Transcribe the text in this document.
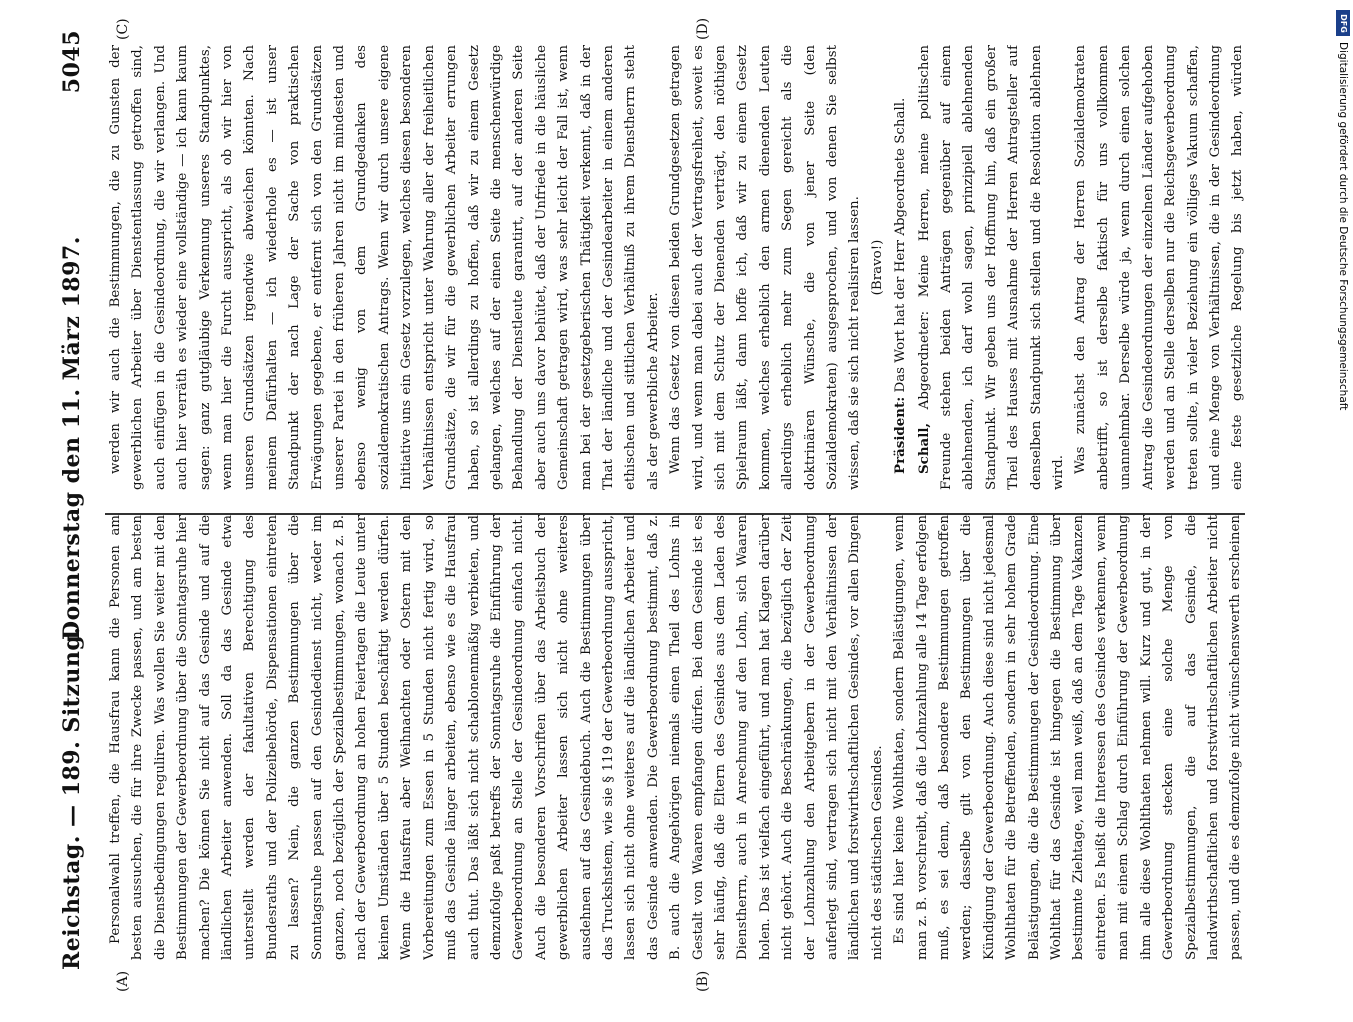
Reichstag. — 189. Sitzung.
Donnerstag den 11. März 1897.
5045
(A)	(B)
(C)	(D)

Personalwahl treffen, die Hausfrau kann die Personen am besten aussuchen, die für ihre Zwecke passen, und am besten die Dienstbedingungen reguliren. Was wollen Sie weiter mit den Bestimmungen der Gewerbeordnung über die Sonntagsruhe hier machen? Die können Sie nicht auf das Gesinde und auf die ländlichen Arbeiter anwenden. Soll da das Gesinde etwa unterstellt werden der fakultativen Berechtigung des Bundesraths und der Polizeibehörde, Dispensationen eintreten zu lassen? Nein, die ganzen Bestimmungen über die Sonntagsruhe passen auf den Gesindedienst nicht, weder im ganzen, noch bezüglich der Spezialbestimmungen, wonach z. B. nach der Gewerbeordnung an hohen Feiertagen die Leute unter keinen Umständen über 5 Stunden beschäftigt werden dürfen. Wenn die Hausfrau aber Weihnachten oder Ostern mit den Vorbereitungen zum Essen in 5 Stunden nicht fertig wird, so muß das Gesinde länger arbeiten, ebenso wie es die Hausfrau auch thut. Das läßt sich nicht schablonenmäßig verbieten, und demzufolge paßt betreffs der Sonntagsruhe die Einführung der Gewerbeordnung an Stelle der Gesindeordnung einfach nicht. Auch die besonderen Vorschriften über das Arbeitsbuch der gewerblichen Arbeiter lassen sich nicht ohne weiteres ausdehnen auf das Gesindebuch. Auch die Bestimmungen über das Truckshstem, wie sie § 119 der Gewerbeordnung ausspricht, lassen sich nicht ohne weiteres auf die ländlichen Arbeiter und das Gesinde anwenden. Die Gewerbeordnung bestimmt, daß z. B. auch die Angehörigen niemals einen Theil des Lohns in Gestalt von Waaren empfangen dürfen. Bei dem Gesinde ist es sehr häufig, daß die Eltern des Gesindes aus dem Laden des Dienstherrn, auch in Anrechnung auf den Lohn, sich Waaren holen. Das ist vielfach eingeführt, und man hat Klagen darüber nicht gehört. Auch die Beschränkungen, die bezüglich der Zeit der Lohnzahlung den Arbeitgebern in der Gewerbeordnung auferlegt sind, vertragen sich nicht mit den Verhältnissen der ländlichen und forstwirthschaftlichen Gesindes, vor allen Dingen nicht des städtischen Gesindes. Es sind hier keine Wohlthaten, sondern Belästigungen, wenn man z. B. vorschreibt, daß die Lohnzahlung alle 14 Tage erfolgen muß, es sei denn, daß besondere Bestimmungen getroffen werden; dasselbe gilt von den Bestimmungen über die Kündigung der Gewerbeordnung. Auch diese sind nicht jedesmal Wohlthaten für die Betreffenden, sondern in sehr hohem Grade Belästigungen, die die Bestimmungen der Gesindeordnung. Eine Wohlthat für das Gesinde ist hingegen die Bestimmung über bestimmte Ziehtage, weil man weiß, daß an dem Tage Vakanzen eintreten. Es heißt die Interessen des Gesindes verkennen, wenn man mit einem Schlag durch Einführung der Gewerbeordnung ihm alle diese Wohlthaten nehmen will. Kurz und gut, in der Gewerbeordnung stecken eine solche Menge von Spezialbestimmungen, die auf das Gesinde, die landwirthschaftlichen und forstwirthschaftlichen Arbeiter nicht passen, und die es demzufolge nicht wünschenswerth erscheinen

werden wir auch die Bestimmungen, die zu Gunsten der gewerblichen Arbeiter über Dienstentlassung getroffen sind, auch einfügen in die Gesindeordnung, die wir verlangen. Und auch hier verräth es wieder eine vollständige — ich kann kaum sagen: ganz gutgläubige Verkennung unseres Standpunktes, wenn man hier die Furcht ausspricht, als ob wir hier von unseren Grundsätzen irgendwie abweichen könnten. Nach meinem Dafürhalten — ich wiederhole es — ist unser Standpunkt der nach Lage der Sache von praktischen Erwägungen gegebene, er entfernt sich von den Grundsätzen unserer Partei in den früheren Jahren nicht im mindesten und ebenso wenig von dem Grundgedanken des sozialdemokratischen Antrags. Wenn wir durch unsere eigene Initiative uns ein Gesetz vorzulegen, welches diesen besonderen Verhältnissen entspricht unter Wahrung aller der freiheitlichen Grundsätze, die wir für die gewerblichen Arbeiter errungen haben, so ist allerdings zu hoffen, daß wir zu einem Gesetz gelangen, welches auf der einen Seite die menschenwürdige Behandlung der Dienstleute garantirt, auf der anderen Seite aber auch uns davor behütet, daß der Unfriede in die häusliche Gemeinschaft getragen wird, was sehr leicht der Fall ist, wenn man bei der gesetzgeberischen Thätigkeit verkennt, daß in der That der ländliche und der Gesindearbeiter in einem anderen ethischen und sittlichen Verhältniß zu ihrem Dienstherrn steht als der gewerbliche Arbeiter. Wenn das Gesetz von diesen beiden Grundgesetzen getragen wird, und wenn man dabei auch der Vertragsfreiheit, soweit es sich mit dem Schutz der Dienenden verträgt, den nöthigen Spielraum läßt, dann hoffe ich, daß wir zu einem Gesetz kommen, welches erheblich den armen dienenden Leuten allerdings erheblich mehr zum Segen gereicht als die doktrinären Wünsche, die von jener Seite (den Sozialdemokraten) ausgesprochen, und von denen Sie selbst wissen, daß sie sich nicht realisiren lassen. (Bravo!)

Präsident: Das Wort hat der Herr Abgeordnete Schall.

Schall, Abgeordneter: Meine Herren, meine politischen Freunde stehen beiden Anträgen gegenüber auf einem ablehnenden, ich darf wohl sagen, prinzipiell ablehnenden Standpunkt. Wir geben uns der Hoffnung hin, daß ein großer Theil des Hauses mit Ausnahme der Herren Antragsteller auf denselben Standpunkt sich stellen und die Resolution ablehnen wird. Was zunächst den Antrag der Herren Sozialdemokraten anbetrifft, so ist derselbe faktisch für uns vollkommen unannehmbar. Derselbe würde ja, wenn durch einen solchen Antrag die Gesindeordnungen der einzelnen Länder aufgehoben werden und an Stelle derselben nur die Reichsgewerbeordnung treten sollte, in vieler Beziehung ein völliges Vakuum schaffen, und eine Menge von Verhältnissen, die in der Gesindeordnung eine feste gesetzliche Regelung bis jetzt haben, würden

DFG
Digitalisierung gefördert durch die Deutsche Forschungsgemeinschaft
